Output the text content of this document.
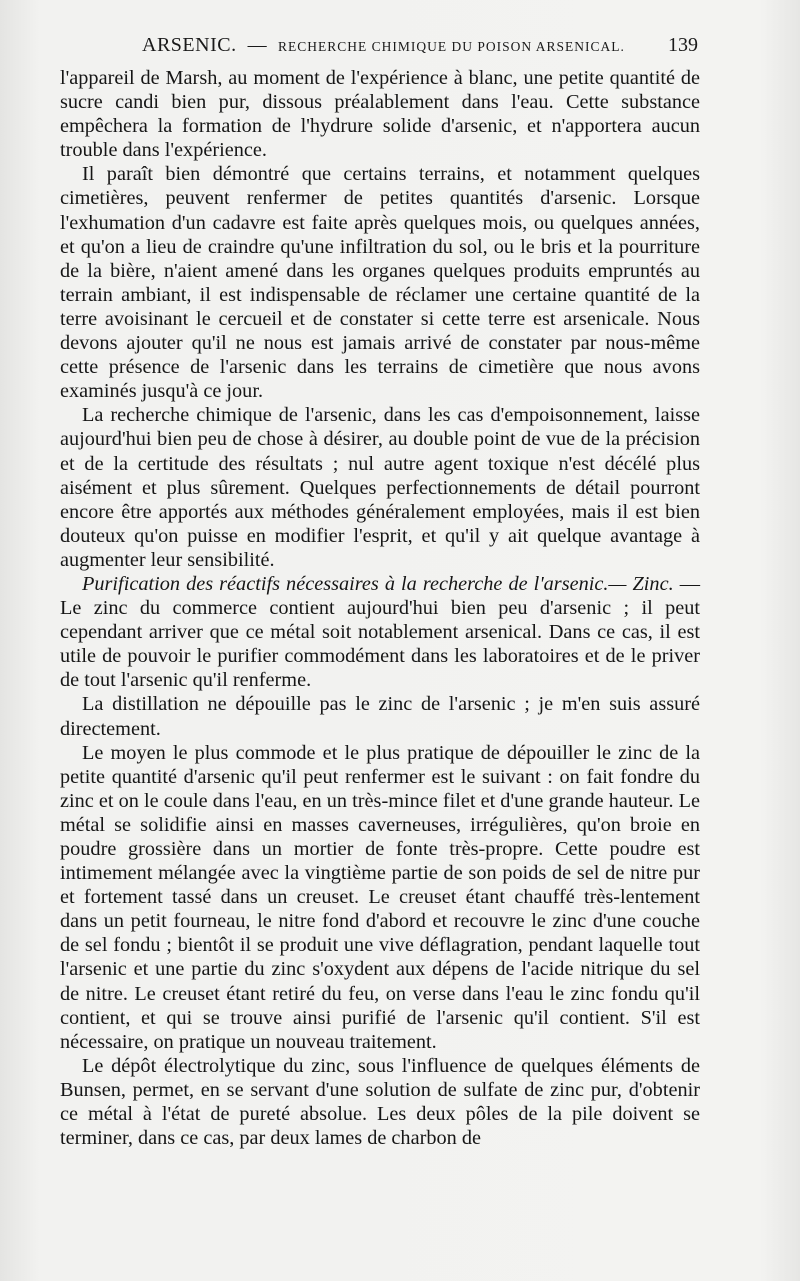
ARSENIC. — RECHERCHE CHIMIQUE DU POISON ARSENICAL. 139

l'appareil de Marsh, au moment de l'expérience à blanc, une petite quantité de sucre candi bien pur, dissous préalablement dans l'eau. Cette substance empêchera la formation de l'hydrure solide d'arsenic, et n'apportera aucun trouble dans l'expérience.

Il paraît bien démontré que certains terrains, et notamment quelques cimetières, peuvent renfermer de petites quantités d'arsenic. Lorsque l'exhumation d'un cadavre est faite après quelques mois, ou quelques années, et qu'on a lieu de craindre qu'une infiltration du sol, ou le bris et la pourriture de la bière, n'aient amené dans les organes quelques produits empruntés au terrain ambiant, il est indispensable de réclamer une certaine quantité de la terre avoisinant le cercueil et de constater si cette terre est arsenicale. Nous devons ajouter qu'il ne nous est jamais arrivé de constater par nous-même cette présence de l'arsenic dans les terrains de cimetière que nous avons examinés jusqu'à ce jour.

La recherche chimique de l'arsenic, dans les cas d'empoisonnement, laisse aujourd'hui bien peu de chose à désirer, au double point de vue de la précision et de la certitude des résultats ; nul autre agent toxique n'est décélé plus aisément et plus sûrement. Quelques perfectionnements de détail pourront encore être apportés aux méthodes généralement employées, mais il est bien douteux qu'on puisse en modifier l'esprit, et qu'il y ait quelque avantage à augmenter leur sensibilité.

Purification des réactifs nécessaires à la recherche de l'arsenic.— Zinc. — Le zinc du commerce contient aujourd'hui bien peu d'arsenic ; il peut cependant arriver que ce métal soit notablement arsenical. Dans ce cas, il est utile de pouvoir le purifier commodément dans les laboratoires et de le priver de tout l'arsenic qu'il renferme.

La distillation ne dépouille pas le zinc de l'arsenic ; je m'en suis assuré directement.

Le moyen le plus commode et le plus pratique de dépouiller le zinc de la petite quantité d'arsenic qu'il peut renfermer est le suivant : on fait fondre du zinc et on le coule dans l'eau, en un très-mince filet et d'une grande hauteur. Le métal se solidifie ainsi en masses caverneuses, irrégulières, qu'on broie en poudre grossière dans un mortier de fonte très-propre. Cette poudre est intimement mélangée avec la vingtième partie de son poids de sel de nitre pur et fortement tassé dans un creuset. Le creuset étant chauffé très-lentement dans un petit fourneau, le nitre fond d'abord et recouvre le zinc d'une couche de sel fondu ; bientôt il se produit une vive déflagration, pendant laquelle tout l'arsenic et une partie du zinc s'oxydent aux dépens de l'acide nitrique du sel de nitre. Le creuset étant retiré du feu, on verse dans l'eau le zinc fondu qu'il contient, et qui se trouve ainsi purifié de l'arsenic qu'il contient. S'il est nécessaire, on pratique un nouveau traitement.

Le dépôt électrolytique du zinc, sous l'influence de quelques éléments de Bunsen, permet, en se servant d'une solution de sulfate de zinc pur, d'obtenir ce métal à l'état de pureté absolue. Les deux pôles de la pile doivent se terminer, dans ce cas, par deux lames de charbon de
